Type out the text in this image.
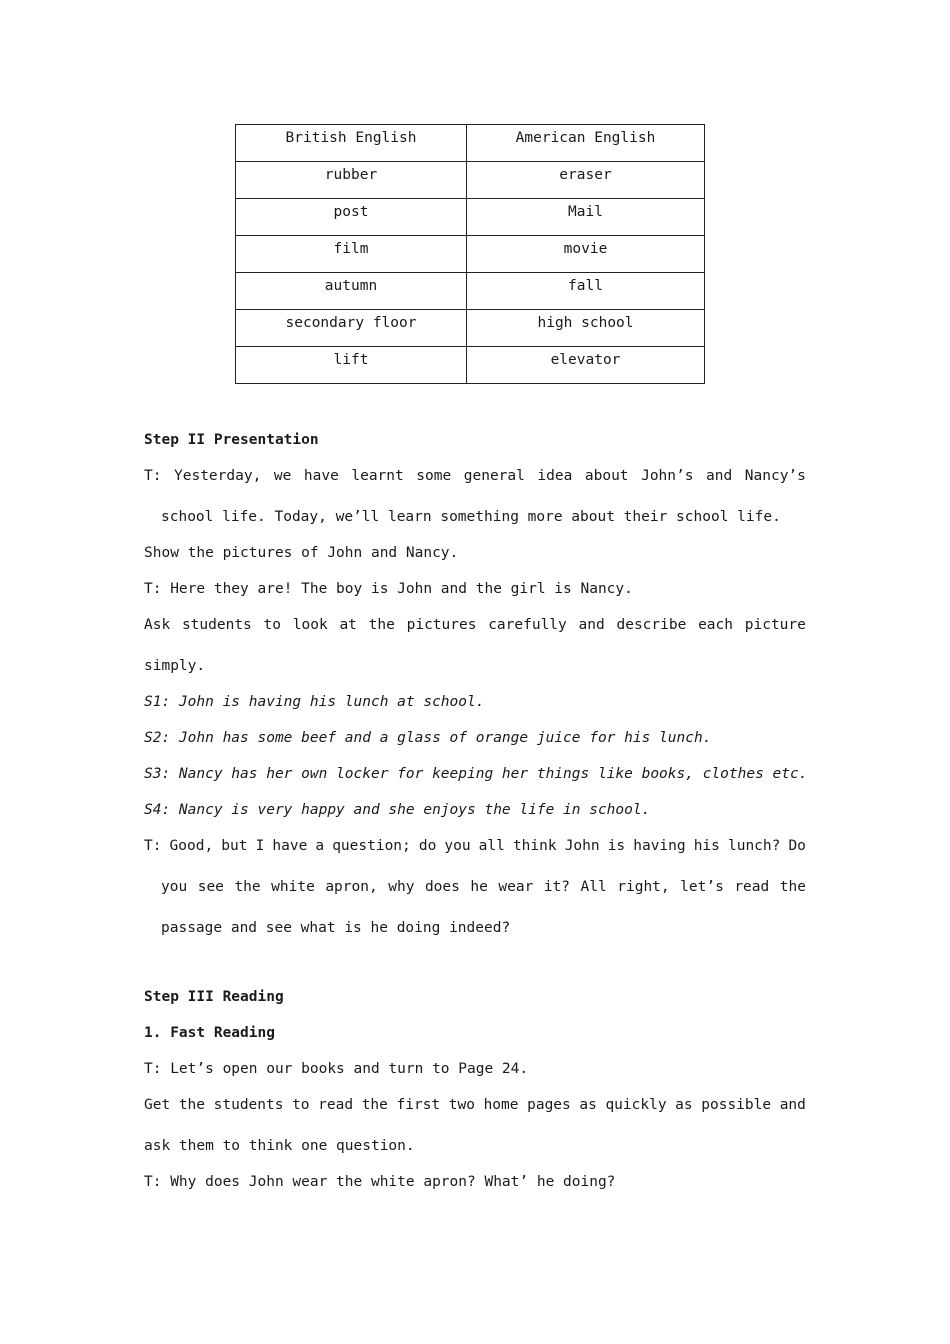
British English	American English
rubber	eraser
post	Mail
film	movie
autumn	fall
secondary floor	high school
lift	elevator
Step II Presentation
T: Yesterday, we have learnt some general idea about John’s and Nancy’s
school life. Today, we’ll learn something more about their school life.
Show the pictures of John and Nancy.
T: Here they are! The boy is John and the girl is Nancy.
Ask students to look at the pictures carefully and describe each picture
simply.
S1: John is having his lunch at school.
S2: John has some beef and a glass of orange juice for his lunch.
S3: Nancy has her own locker for keeping her things like books, clothes etc.
S4: Nancy is very happy and she enjoys the life in school.
T: Good, but I have a question; do you all think John is having his lunch? Do
you see the white apron, why does he wear it? All right, let’s read the
passage and see what is he doing indeed?
Step III Reading
1. Fast Reading
T: Let’s open our books and turn to Page 24.
Get the students to read the first two home pages as quickly as possible and
ask them to think one question.
T: Why does John wear the white apron? What’ he doing?
